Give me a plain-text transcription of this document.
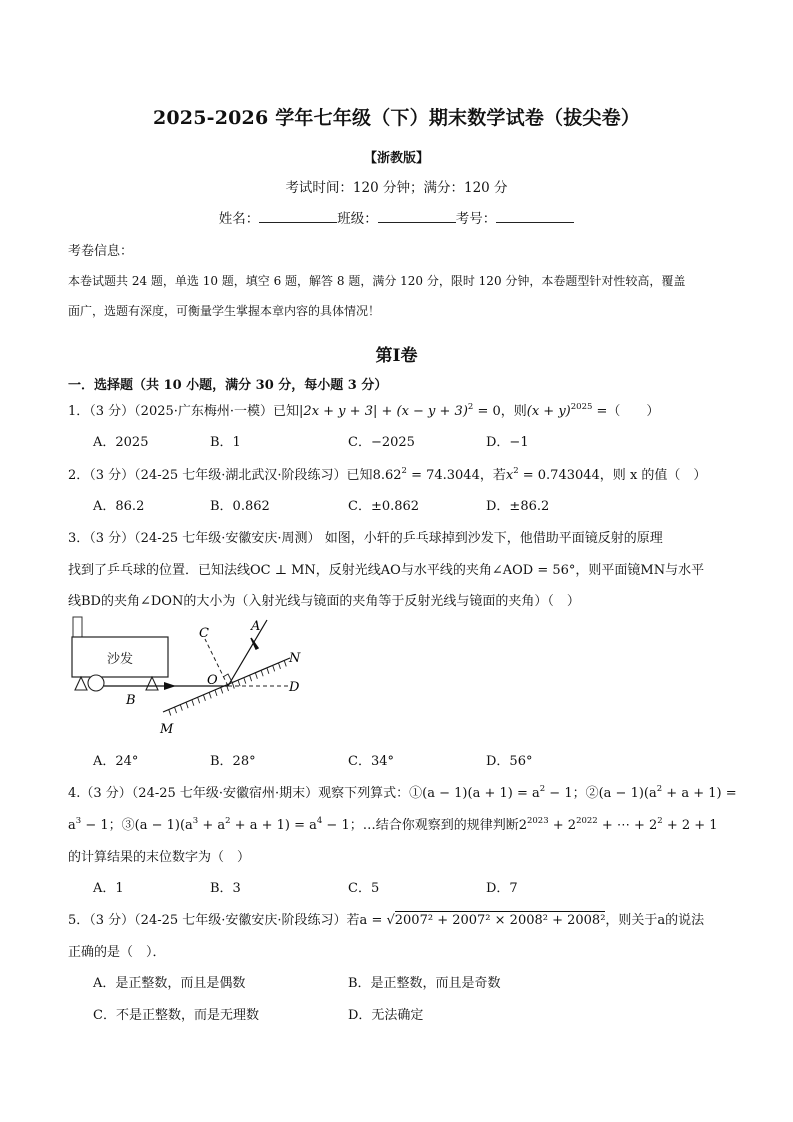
2025-2026 学年七年级（下）期末数学试卷（拔尖卷）
【浙教版】
考试时间：120 分钟；满分：120 分
姓名：	班级：	考号：
考卷信息：
本卷试题共 24 题，单选 10 题，填空 6 题，解答 8 题，满分 120 分，限时 120 分钟，本卷题型针对性较高，覆盖
面广，选题有深度，可衡量学生掌握本章内容的具体情况！
第Ⅰ卷
一．选择题（共 10 小题，满分 30 分，每小题 3 分）
1．（3 分）（2025·广东梅州·一模）已知$|2x + y + 3| + (x - y + 3)^2 = 0$，则$(x + y)^{2025}$ =（　　）
A．2025	B．1	C．−2025	D．−1
2．（3 分）（24-25 七年级·湖北武汉·阶段练习）已知$8.62^2 = 74.3044$，若$x^2 = 0.743044$，则 x 的值（　）
A．86.2	B．0.862	C．±0.862	D．±86.2
3．（3 分）（24-25 七年级·安徽安庆·周测） 如图，小轩的乒乓球掉到沙发下，他借助平面镜反射的原理
找到了乒乓球的位置．已知法线OC ⊥ MN，反射光线AO与水平线的夹角∠AOD = 56°，则平面镜MN与水平
线BD的夹角∠DON的大小为（入射光线与镜面的夹角等于反射光线与镜面的夹角）（　）
沙发
C	A
N
O	D
B
M
A．24°	B．28°	C．34°	D．56°
4.（3 分）（24-25 七年级·安徽宿州·期末）观察下列算式：①(a − $1)(a + 1) = a^2 - 1$；②(a − $1)(a^2 + a + 1)$ =
$a^3 - 1$；③(a − $1)(a^3 + a^2 + a + 1) = a^4 - 1$；…结合你观察到的规律判断$2^{2023} + 2^{2022}$ + ⋯ + $2^2 + 2 + 1$
的计算结果的末位数字为（　）
A．1	B．3	C．5	D．7
5．（3 分）（24-25 七年级·安徽安庆·阶段练习）若a = √2007² + 2007² × 2008² + 2008²，则关于a的说法
正确的是（　）．
A．是正整数，而且是偶数	B．是正整数，而且是奇数
C．不是正整数，而是无理数	D．无法确定
